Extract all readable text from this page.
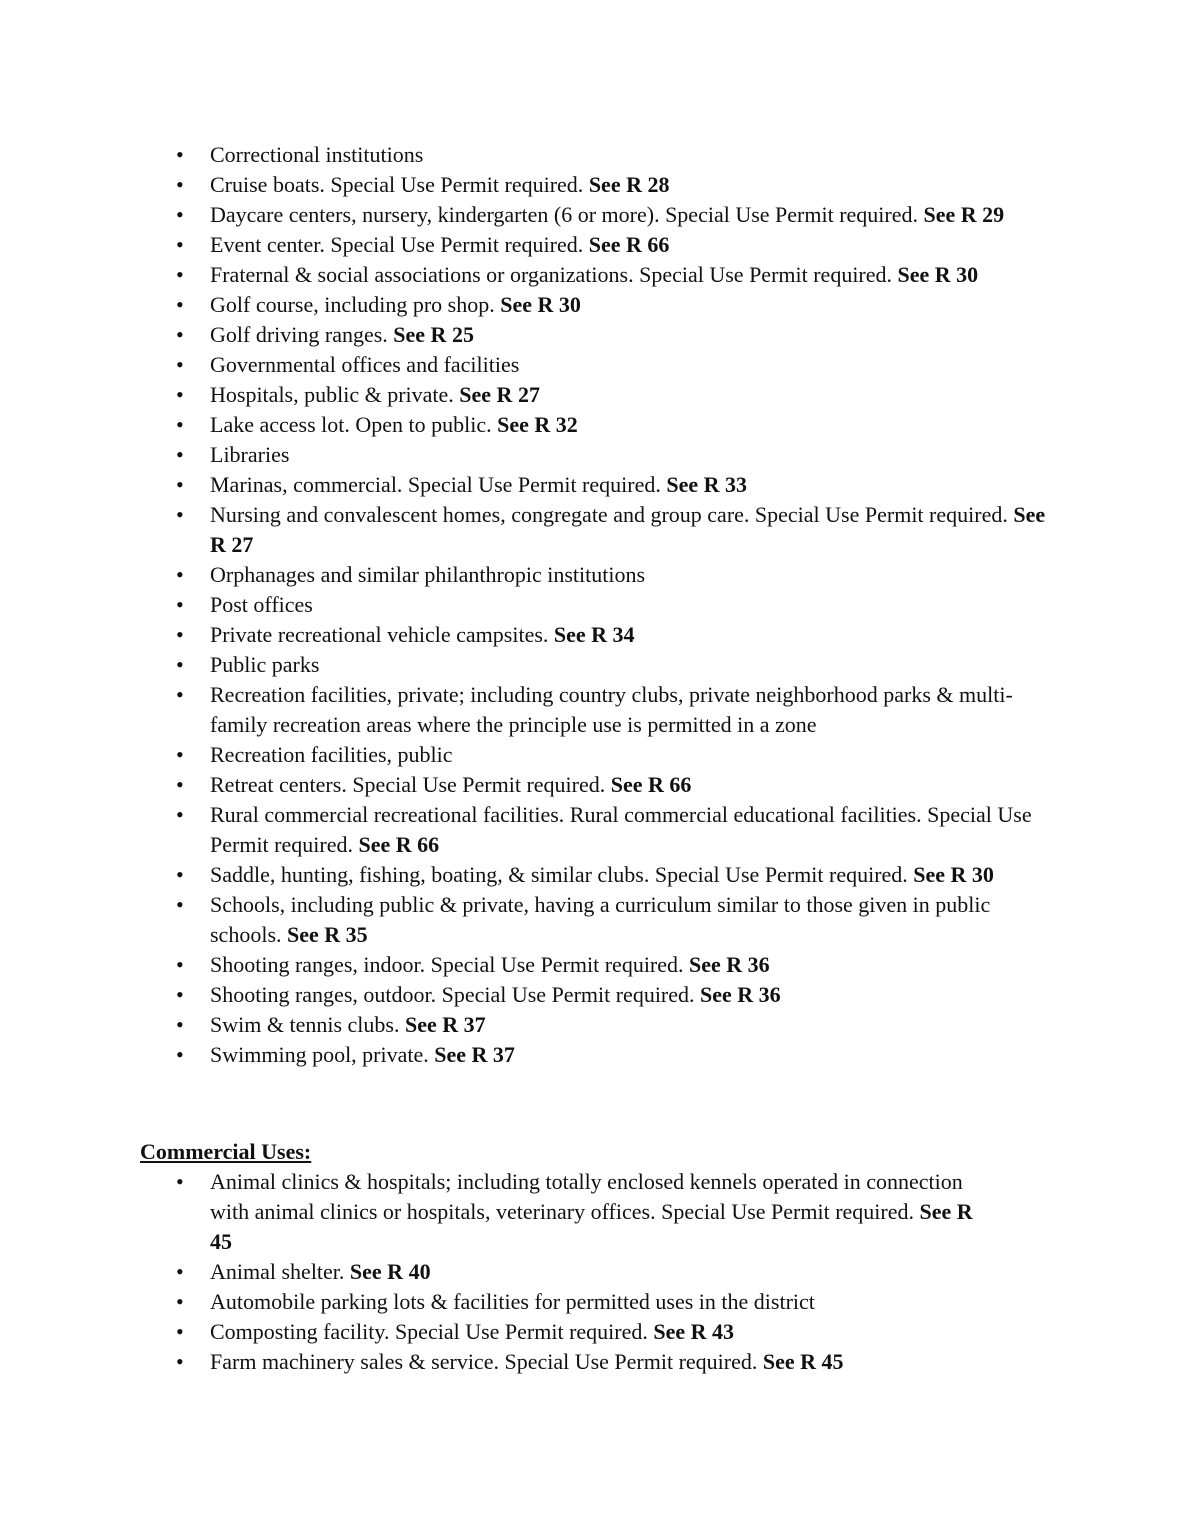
•	Correctional institutions
•	Cruise boats. Special Use Permit required. See R 28
•	Daycare centers, nursery, kindergarten (6 or more). Special Use Permit required. See R 29
•	Event center. Special Use Permit required. See R 66
•	Fraternal & social associations or organizations. Special Use Permit required. See R 30
•	Golf course, including pro shop. See R 30
•	Golf driving ranges. See R 25
•	Governmental offices and facilities
•	Hospitals, public & private. See R 27
•	Lake access lot. Open to public. See R 32
•	Libraries
•	Marinas, commercial. Special Use Permit required. See R 33
•	Nursing and convalescent homes, congregate and group care. Special Use Permit required. See R 27
•	Orphanages and similar philanthropic institutions
•	Post offices
•	Private recreational vehicle campsites. See R 34
•	Public parks
•	Recreation facilities, private; including country clubs, private neighborhood parks & multi-family recreation areas where the principle use is permitted in a zone
•	Recreation facilities, public
•	Retreat centers. Special Use Permit required. See R 66
•	Rural commercial recreational facilities. Rural commercial educational facilities. Special Use Permit required. See R 66
•	Saddle, hunting, fishing, boating, & similar clubs. Special Use Permit required. See R 30
•	Schools, including public & private, having a curriculum similar to those given in public schools. See R 35
•	Shooting ranges, indoor. Special Use Permit required. See R 36
•	Shooting ranges, outdoor. Special Use Permit required. See R 36
•	Swim & tennis clubs. See R 37
•	Swimming pool, private. See R 37
Commercial Uses:
•	Animal clinics & hospitals; including totally enclosed kennels operated in connection with animal clinics or hospitals, veterinary offices. Special Use Permit required. See R 45
•	Animal shelter. See R 40
•	Automobile parking lots & facilities for permitted uses in the district
•	Composting facility. Special Use Permit required. See R 43
•	Farm machinery sales & service. Special Use Permit required. See R 45
